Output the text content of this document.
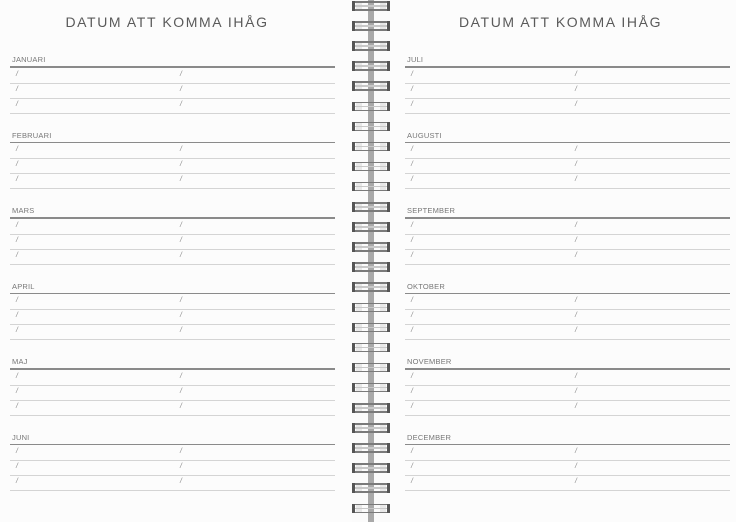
DATUM ATT KOMMA IHÅG
JANUARI
/	/
/	/
/	/
FEBRUARI
/	/
/	/
/	/
MARS
/	/
/	/
/	/
APRIL
/	/
/	/
/	/
MAJ
/	/
/	/
/	/
JUNI
/	/
/	/
/	/
DATUM ATT KOMMA IHÅG
JULI
/	/
/	/
/	/
AUGUSTI
/	/
/	/
/	/
SEPTEMBER
/	/
/	/
/	/
OKTOBER
/	/
/	/
/	/
NOVEMBER
/	/
/	/
/	/
DECEMBER
/	/
/	/
/	/
